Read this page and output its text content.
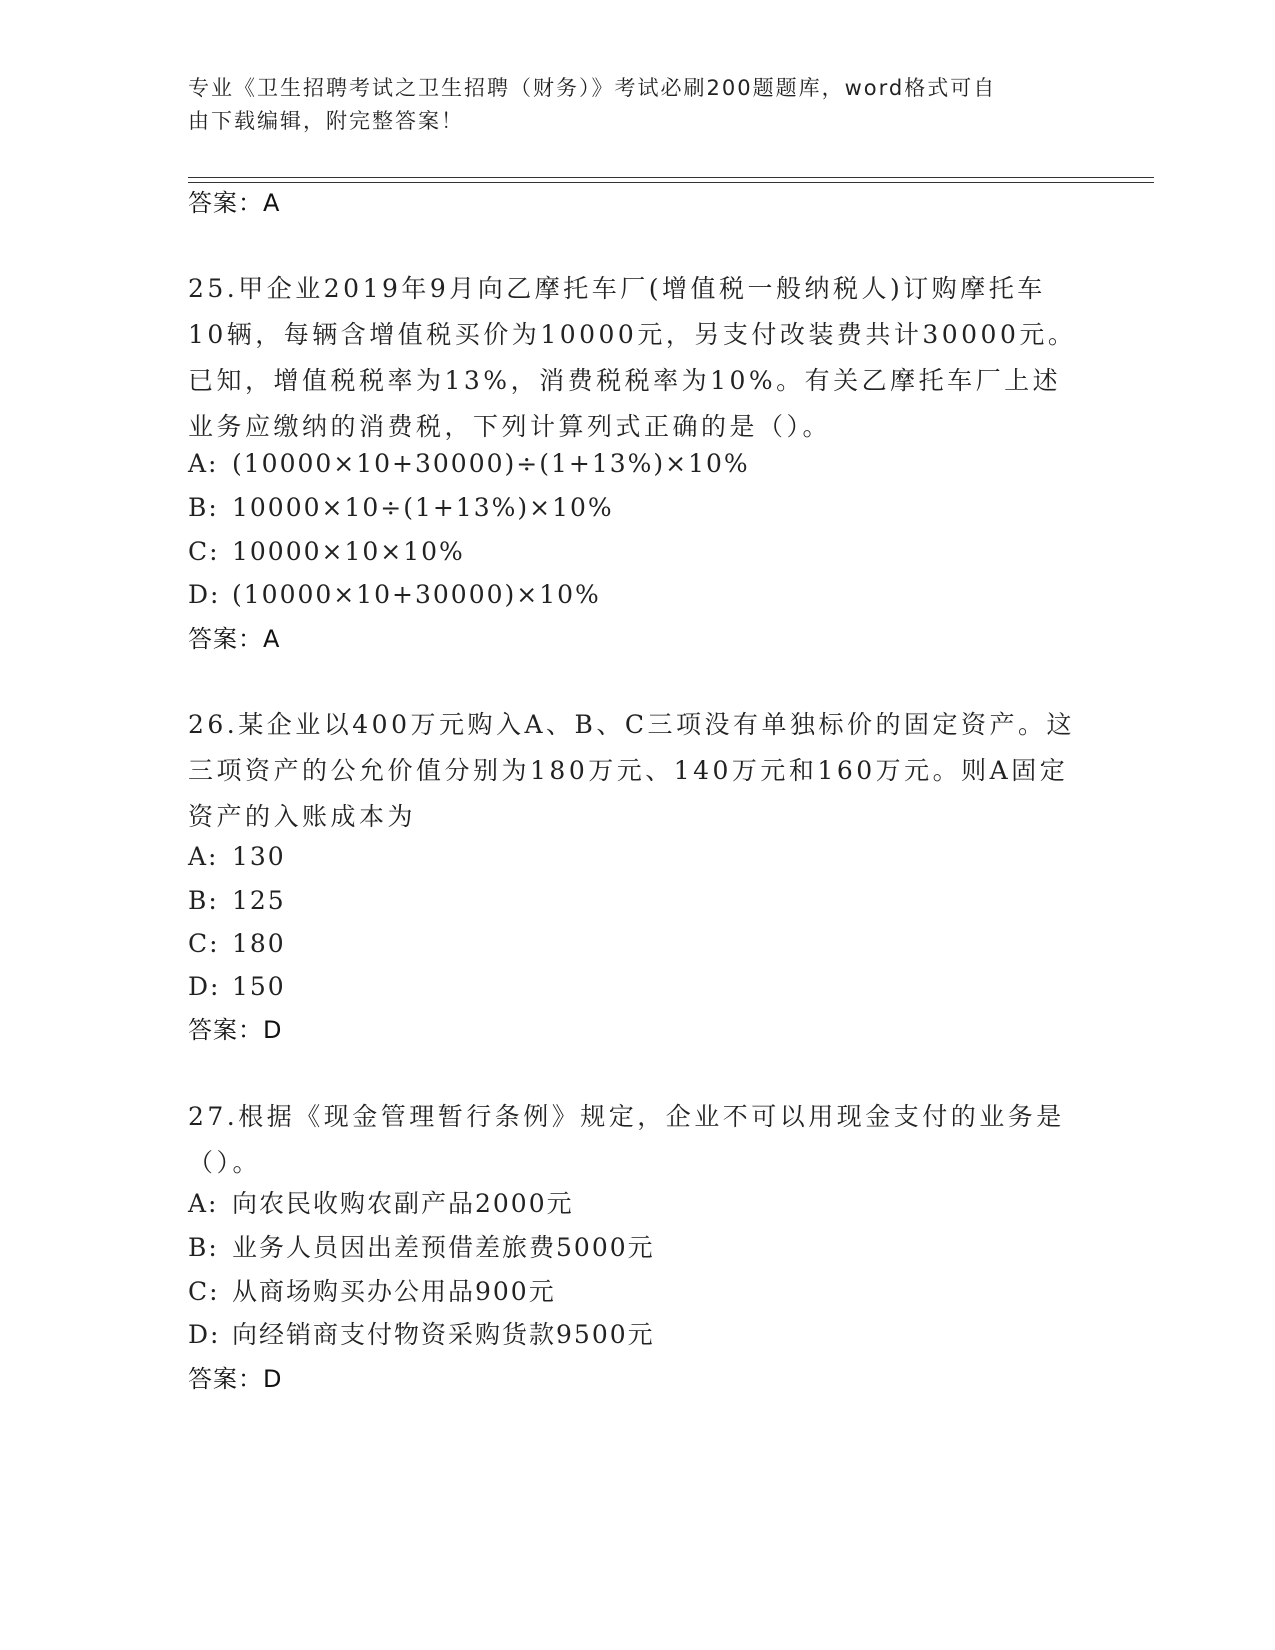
专业《卫生招聘考试之卫生招聘（财务）》考试必刷200题题库，word格式可自
由下载编辑，附完整答案！
答案：A

25.甲企业2019年9月向乙摩托车厂(增值税一般纳税人)订购摩托车

10辆，每辆含增值税买价为10000元，另支付改装费共计30000元。

已知，增值税税率为13%，消费税税率为10%。有关乙摩托车厂上述

业务应缴纳的消费税，下列计算列式正确的是（）。

A: (10000×10+30000)÷(1+13%)×10%
B: 10000×10÷(1+13%)×10%
C: 10000×10×10%
D: (10000×10+30000)×10%
答案：A

26.某企业以400万元购入A、B、C三项没有单独标价的固定资产。这

三项资产的公允价值分别为180万元、140万元和160万元。则A固定

资产的入账成本为

A: 130
B: 125
C: 180
D: 150
答案：D

27.根据《现金管理暂行条例》规定，企业不可以用现金支付的业务是

（）。

A: 向农民收购农副产品2000元
B: 业务人员因出差预借差旅费5000元
C: 从商场购买办公用品900元
D: 向经销商支付物资采购货款9500元
答案：D
